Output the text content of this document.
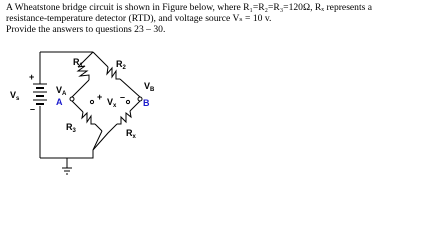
A Wheatstone bridge circuit is shown in Figure below, where R₁=R₂=R₃=120Ω, Rₓ represents a

resistance-temperature detector (RTD), and voltage source Vₛ = 10 v.

Provide the answers to questions 23 – 30.

$R_1$	$R_2$
$R_3$	$R_x$
$V_s$	$V_x$
$V_A$
$V_B$
A	B
+
–
+ –
